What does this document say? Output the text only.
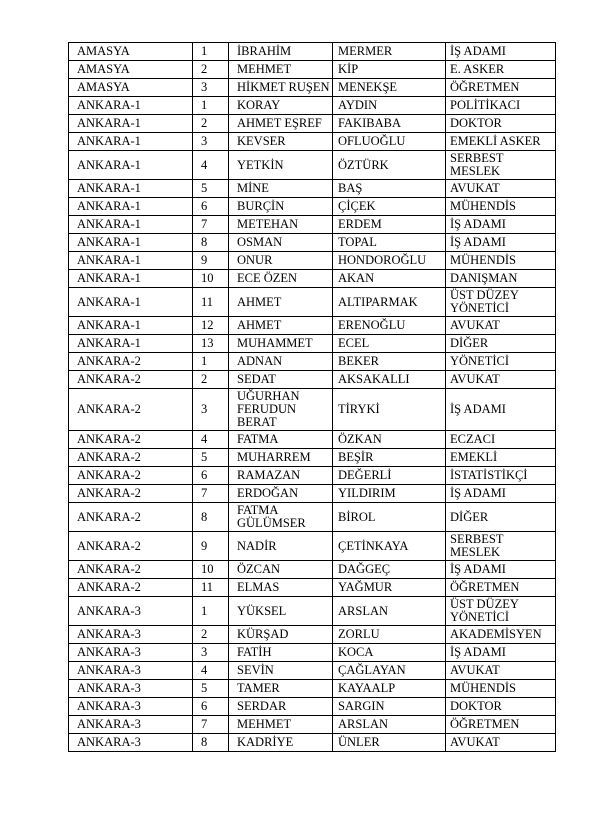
AMASYA	1	İBRAHİM	MERMER	İŞ ADAMI
AMASYA	2	MEHMET	KİP	E. ASKER
AMASYA	3	HİKMET RUŞEN	MENEKŞE	ÖĞRETMEN
ANKARA-1	1	KORAY	AYDIN	POLİTİKACI
ANKARA-1	2	AHMET EŞREF	FAKIBABA	DOKTOR
ANKARA-1	3	KEVSER	OFLUOĞLU	EMEKLİ ASKER
ANKARA-1	4	YETKİN	ÖZTÜRK	SERBEST MESLEK
ANKARA-1	5	MİNE	BAŞ	AVUKAT
ANKARA-1	6	BURÇİN	ÇİÇEK	MÜHENDİS
ANKARA-1	7	METEHAN	ERDEM	İŞ ADAMI
ANKARA-1	8	OSMAN	TOPAL	İŞ ADAMI
ANKARA-1	9	ONUR	HONDOROĞLU	MÜHENDİS
ANKARA-1	10	ECE ÖZEN	AKAN	DANIŞMAN
ANKARA-1	11	AHMET	ALTIPARMAK	ÜST DÜZEY YÖNETİCİ
ANKARA-1	12	AHMET	ERENOĞLU	AVUKAT
ANKARA-1	13	MUHAMMET	ECEL	DİĞER
ANKARA-2	1	ADNAN	BEKER	YÖNETİCİ
ANKARA-2	2	SEDAT	AKSAKALLI	AVUKAT
ANKARA-2	3	UĞURHAN FERUDUN BERAT	TİRYKİ	İŞ ADAMI
ANKARA-2	4	FATMA	ÖZKAN	ECZACI
ANKARA-2	5	MUHARREM	BEŞİR	EMEKLİ
ANKARA-2	6	RAMAZAN	DEĞERLİ	İSTATİSTİKÇİ
ANKARA-2	7	ERDOĞAN	YILDIRIM	İŞ ADAMI
ANKARA-2	8	FATMA GÜLÜMSER	BİROL	DİĞER
ANKARA-2	9	NADİR	ÇETİNKAYA	SERBEST MESLEK
ANKARA-2	10	ÖZCAN	DAĞGEÇ	İŞ ADAMI
ANKARA-2	11	ELMAS	YAĞMUR	ÖĞRETMEN
ANKARA-3	1	YÜKSEL	ARSLAN	ÜST DÜZEY YÖNETİCİ
ANKARA-3	2	KÜRŞAD	ZORLU	AKADEMİSYEN
ANKARA-3	3	FATİH	KOCA	İŞ ADAMI
ANKARA-3	4	SEVİN	ÇAĞLAYAN	AVUKAT
ANKARA-3	5	TAMER	KAYAALP	MÜHENDİS
ANKARA-3	6	SERDAR	SARGIN	DOKTOR
ANKARA-3	7	MEHMET	ARSLAN	ÖĞRETMEN
ANKARA-3	8	KADRİYE	ÜNLER	AVUKAT
